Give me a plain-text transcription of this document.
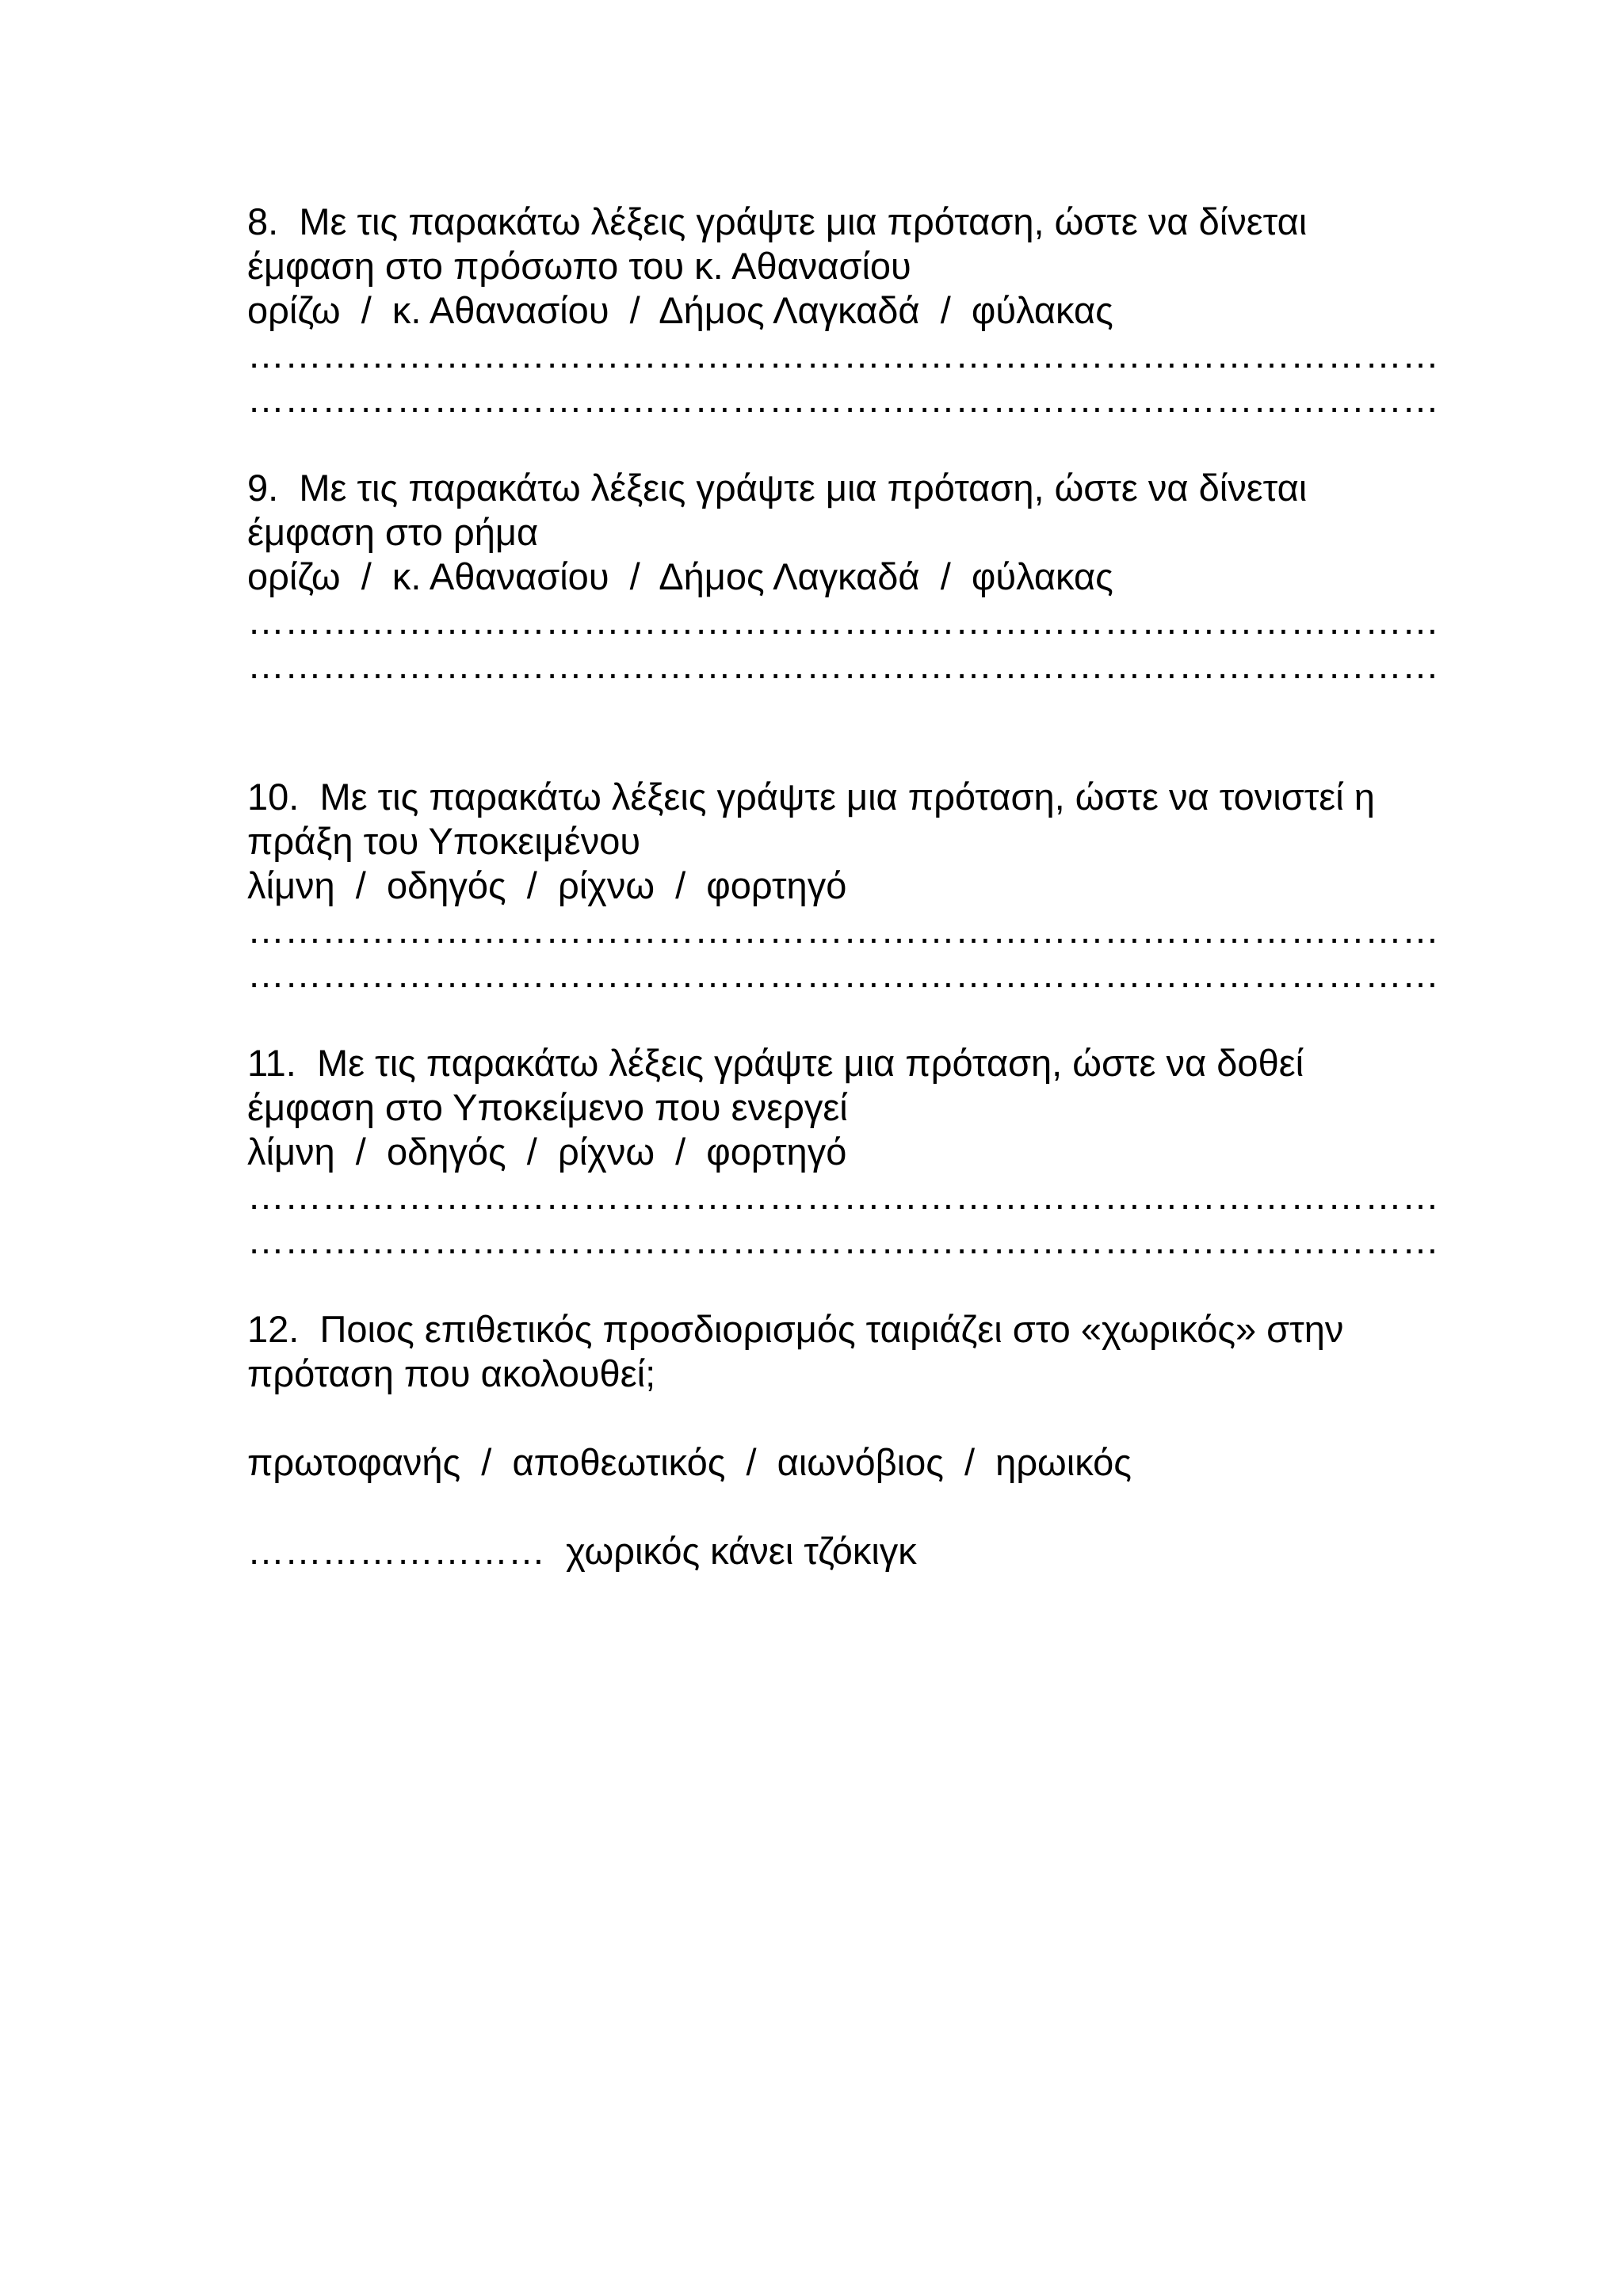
8.  Με τις παρακάτω λέξεις γράψτε μια πρόταση, ώστε να δίνεται

έμφαση στο πρόσωπο του κ. Αθανασίου

ορίζω  /  κ. Αθανασίου  /  Δήμος Λαγκαδά  /  φύλακας

……………………………………………………………………………………
……………………………………………………………………………………

9.  Με τις παρακάτω λέξεις γράψτε μια πρόταση, ώστε να δίνεται

έμφαση στο ρήμα

ορίζω  /  κ. Αθανασίου  /  Δήμος Λαγκαδά  /  φύλακας

……………………………………………………………………………………
……………………………………………………………………………………

10.  Με τις παρακάτω λέξεις γράψτε μια πρόταση, ώστε να τονιστεί η

πράξη του Υποκειμένου

λίμνη  /  οδηγός  /  ρίχνω  /  φορτηγό

……………………………………………………………………………………
……………………………………………………………………………………

11.  Με τις παρακάτω λέξεις γράψτε μια πρόταση, ώστε να δοθεί

έμφαση στο Υποκείμενο που ενεργεί

λίμνη  /  οδηγός  /  ρίχνω  /  φορτηγό

……………………………………………………………………………………
……………………………………………………………………………………

12.  Ποιος επιθετικός προσδιορισμός ταιριάζει στο «χωρικός» στην

πρόταση που ακολουθεί;

πρωτοφανής  /  αποθεωτικός  /  αιωνόβιος  /  ηρωικός

……………………  χωρικός κάνει τζόκιγκ
